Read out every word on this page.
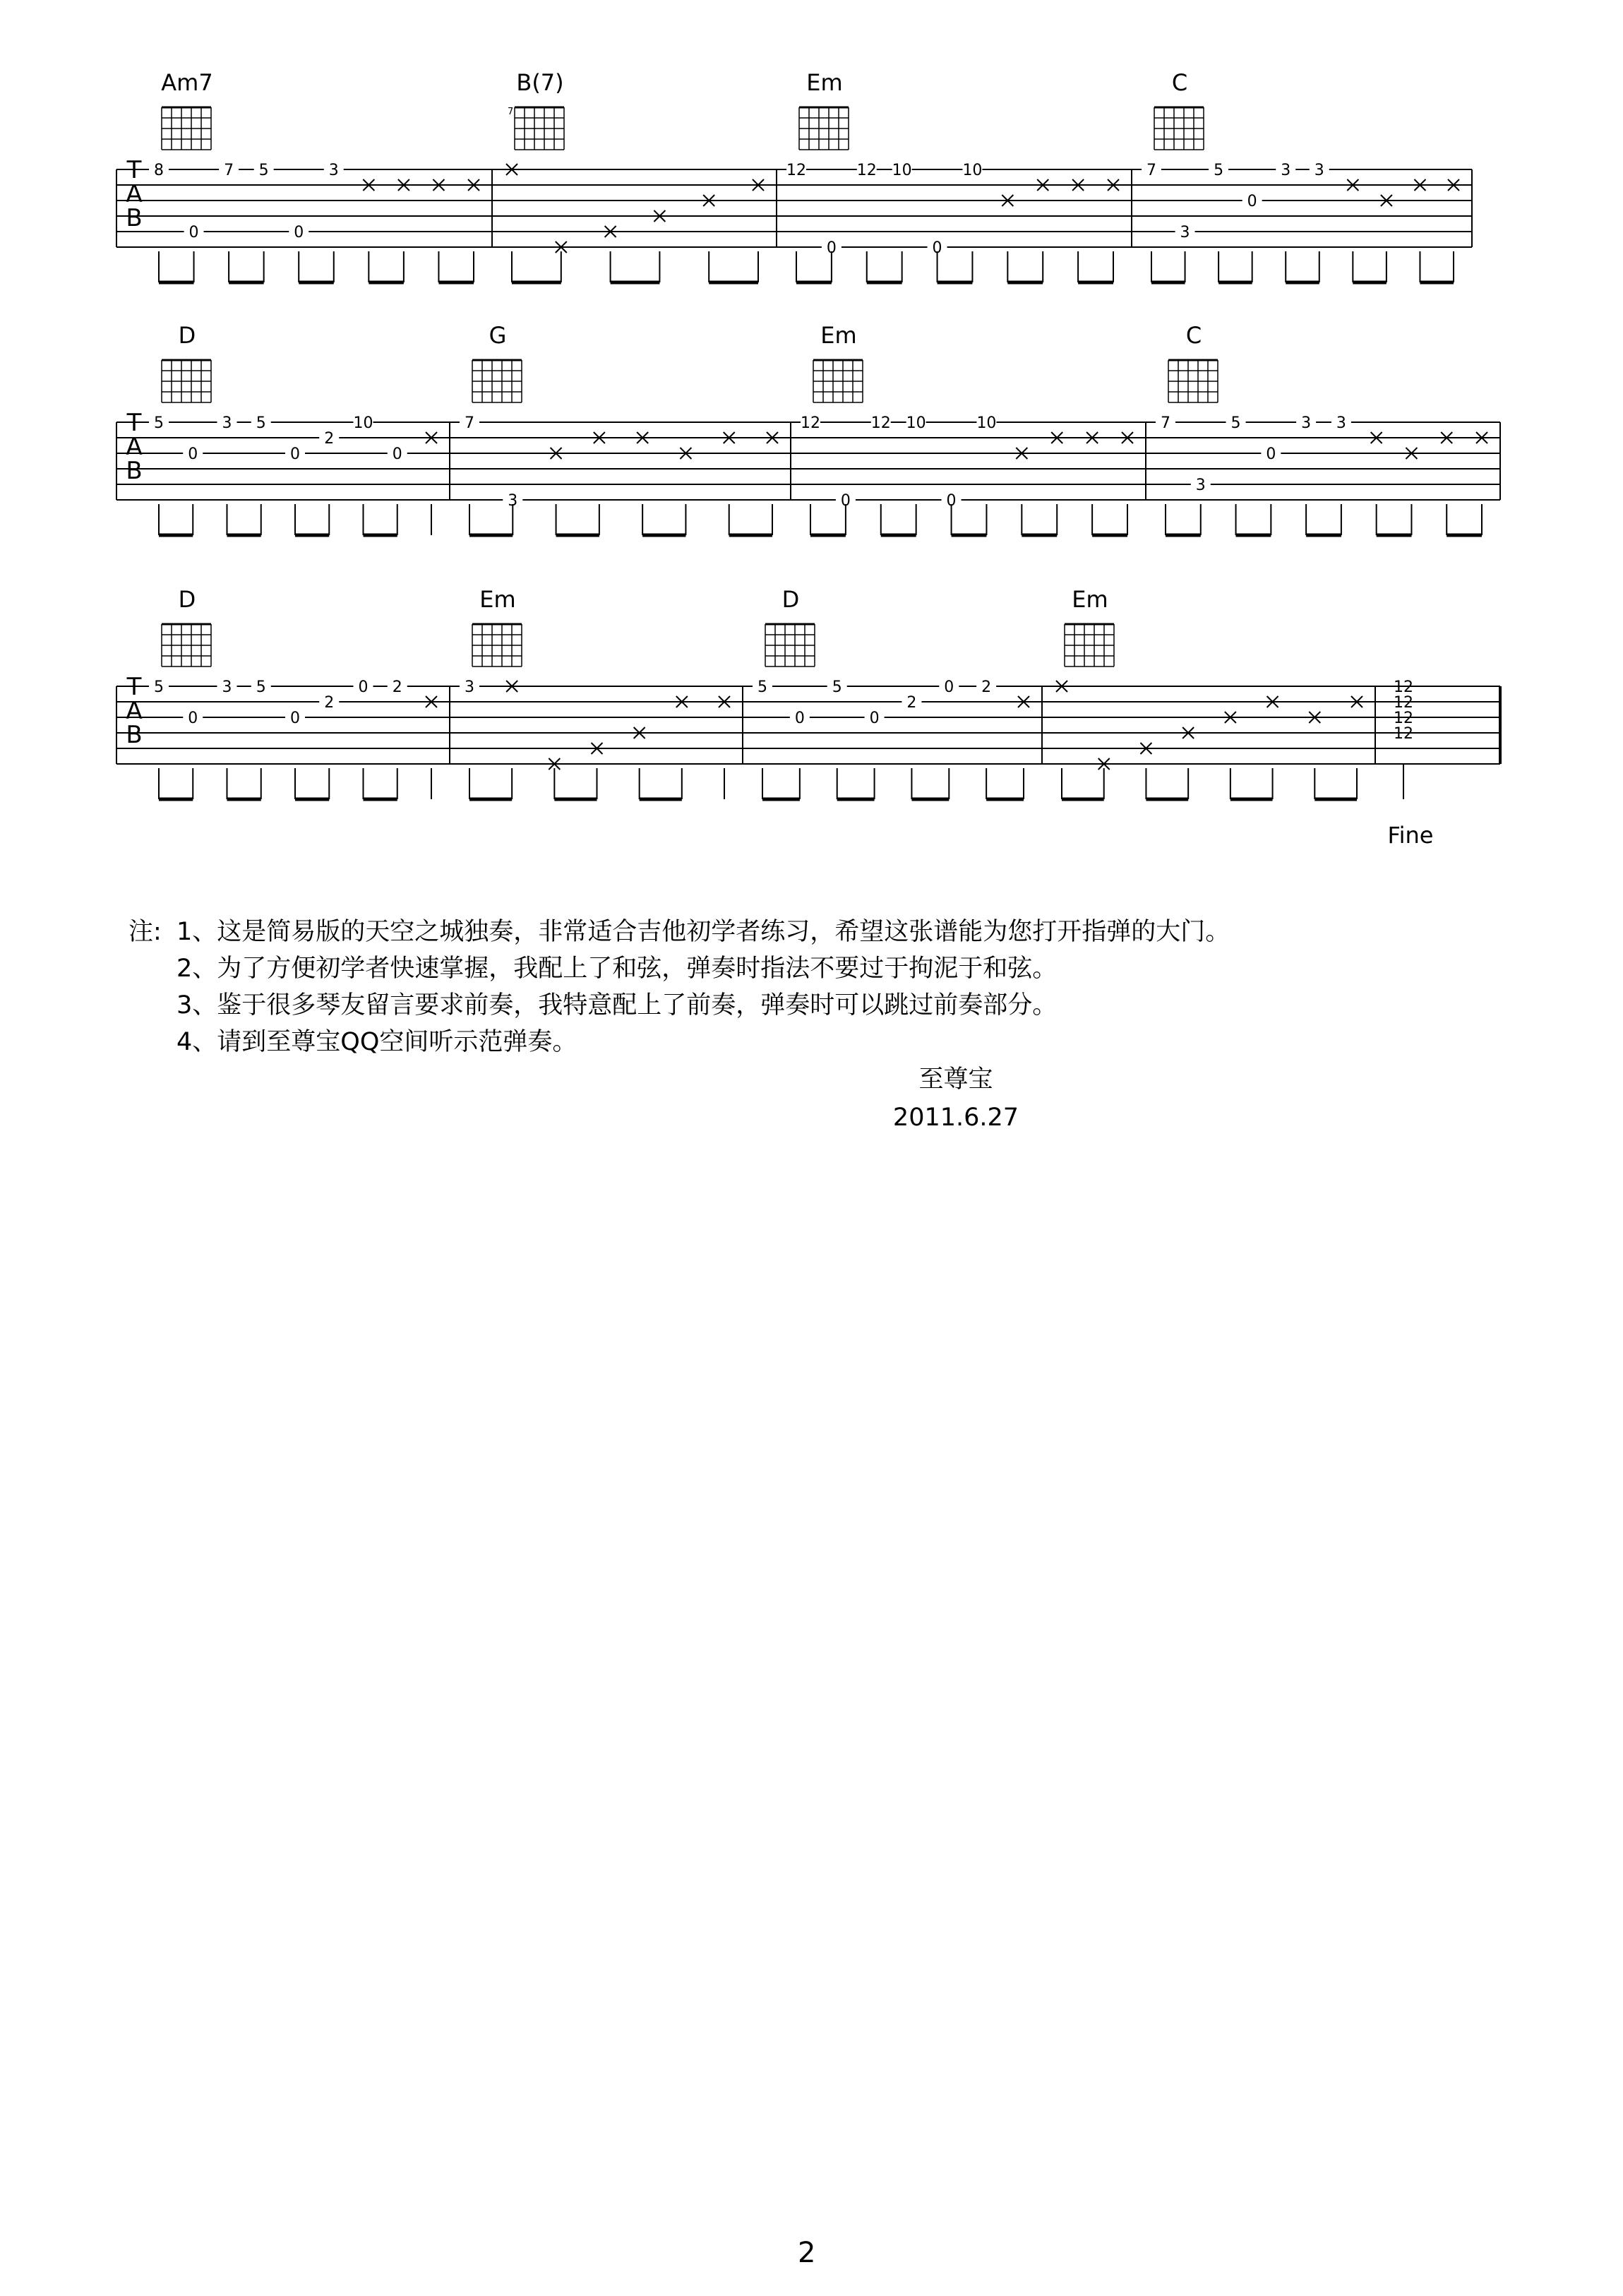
T
A
B
Am7
8
0
7 5
0
3
B(7)
7
Em
12
0
12 10
0
10
C
7
3
5
0
3 3
T
A
B
D
5
0
3 5
0
2
10
0
G
7
3
Em
12
0
12 10
0
10
C
7
3
5
0
3 3
T
A
B
D
5
0
3 5
0
2
0 2
Em
3
D
5
0
5
0
2
0 2
Em
12
12
12
12
Fine
注: 1、这是简易版的天空之城独奏，非常适合吉他初学者练习，希望这张谱能为您打开指弹的大门。
2、为了方便初学者快速掌握，我配上了和弦，弹奏时指法不要过于拘泥于和弦。
3、鉴于很多琴友留言要求前奏，我特意配上了前奏，弹奏时可以跳过前奏部分。
4、请到至尊宝QQ空间听示范弹奏。
至尊宝
2011.6.27
2
